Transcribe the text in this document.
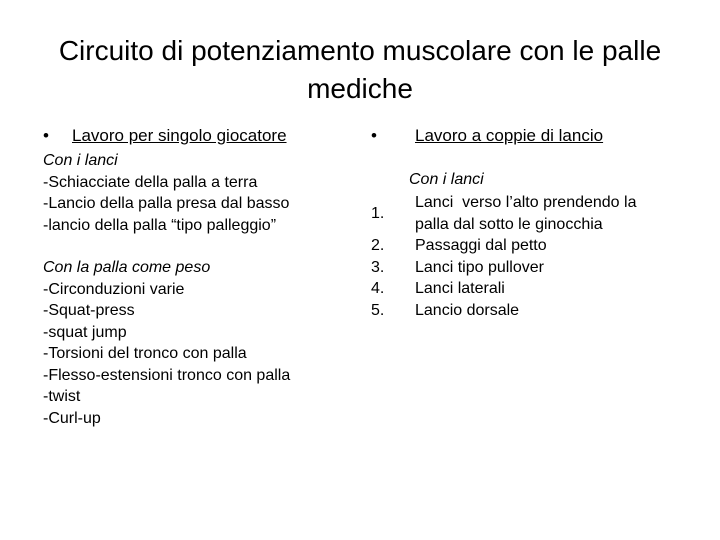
Circuito di potenziamento muscolare con le palle mediche
• Lavoro per singolo giocatore
Con i lanci
-Schiacciate della palla a terra
-Lancio della palla presa dal basso
-lancio della palla “tipo palleggio”
Con la palla come peso
-Circonduzioni varie
-Squat-press
-squat jump
-Torsioni del tronco con palla
-Flesso-estensioni tronco con palla
-twist
-Curl-up
• Lavoro a coppie di lancio
Con i lanci
1.
Lanci  verso l’alto prendendo la palla dal sotto le ginocchia
2. Passaggi dal petto
3. Lanci tipo pullover
4. Lanci laterali
5. Lancio dorsale
